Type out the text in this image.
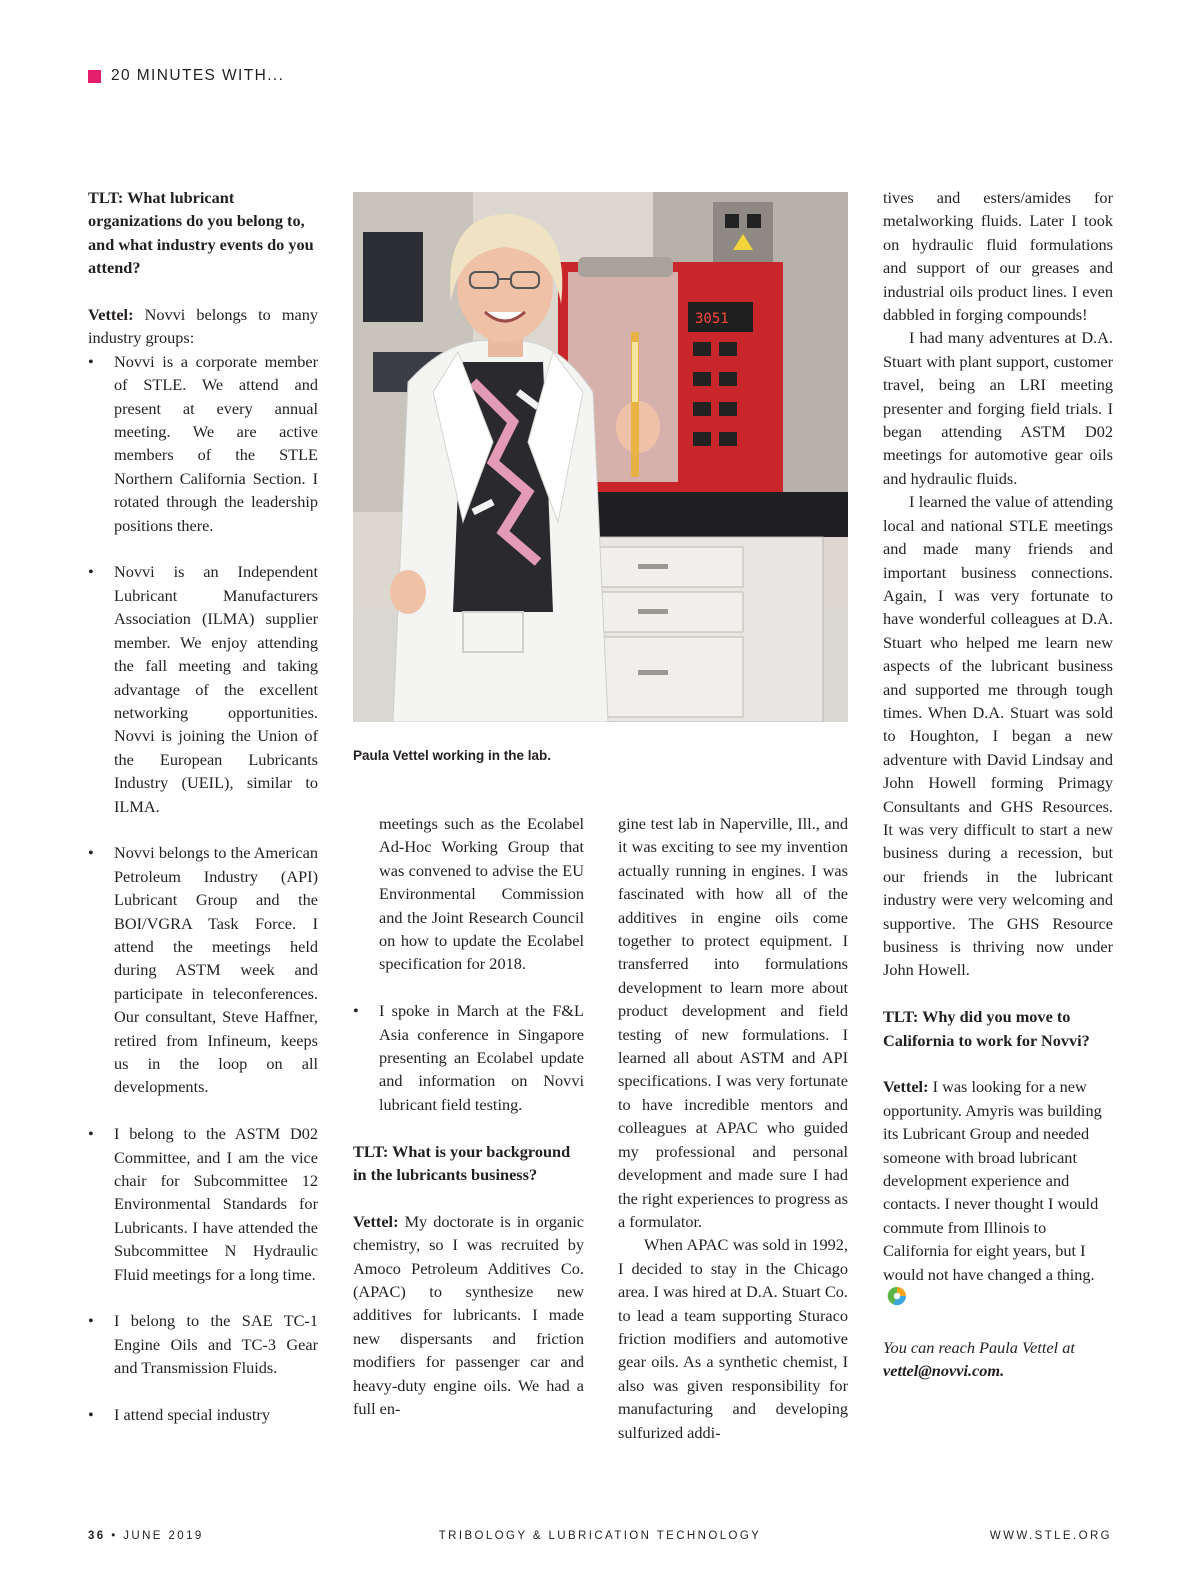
20 MINUTES WITH...

TLT: What lubricant organizations do you belong to, and what industry events do you attend?

Vettel: Novvi belongs to many industry groups:

• Novvi is a corporate member of STLE. We attend and present at every annual meeting. We are active members of the STLE Northern California Section. I rotated through the leadership positions there.
• Novvi is an Independent Lubricant Manufacturers Association (ILMA) supplier member. We enjoy attending the fall meeting and taking advantage of the excellent networking opportunities. Novvi is joining the Union of the European Lubricants Industry (UEIL), similar to ILMA.
• Novvi belongs to the American Petroleum Industry (API) Lubricant Group and the BOI/VGRA Task Force. I attend the meetings held during ASTM week and participate in teleconferences. Our consultant, Steve Haffner, retired from Infineum, keeps us in the loop on all developments.
• I belong to the ASTM D02 Committee, and I am the vice chair for Subcommittee 12 Environmental Standards for Lubricants. I have attended the Subcommittee N Hydraulic Fluid meetings for a long time.
• I belong to the SAE TC-1 Engine Oils and TC-3 Gear and Transmission Fluids.
• I attend special industry
3051
Paula Vettel working in the lab.
meetings such as the Ecolabel Ad-Hoc Working Group that was convened to advise the EU Environmental Commission and the Joint Research Council on how to update the Ecolabel specification for 2018.
• I spoke in March at the F&L Asia conference in Singapore presenting an Ecolabel update and information on Novvi lubricant field testing.

TLT: What is your background in the lubricants business?

Vettel: My doctorate is in organic chemistry, so I was recruited by Amoco Petroleum Additives Co. (APAC) to synthesize new additives for lubricants. I made new dispersants and friction modifiers for passenger car and heavy-duty engine oils. We had a full en-

gine test lab in Naperville, Ill., and it was exciting to see my invention actually running in engines. I was fascinated with how all of the additives in engine oils come together to protect equipment. I transferred into formulations development to learn more about product development and field testing of new formulations. I learned all about ASTM and API specifications. I was very fortunate to have incredible mentors and colleagues at APAC who guided my professional and personal development and made sure I had the right experiences to progress as a formulator.

When APAC was sold in 1992, I decided to stay in the Chicago area. I was hired at D.A. Stuart Co. to lead a team supporting Sturaco friction modifiers and automotive gear oils. As a synthetic chemist, I also was given responsibility for manufacturing and developing sulfurized addi-

tives and esters/amides for metalworking fluids. Later I took on hydraulic fluid formulations and support of our greases and industrial oils product lines. I even dabbled in forging compounds!

I had many adventures at D.A. Stuart with plant support, customer travel, being an LRI meeting presenter and forging field trials. I began attending ASTM D02 meetings for automotive gear oils and hydraulic fluids.

I learned the value of attending local and national STLE meetings and made many friends and important business connections. Again, I was very fortunate to have wonderful colleagues at D.A. Stuart who helped me learn new aspects of the lubricant business and supported me through tough times. When D.A. Stuart was sold to Houghton, I began a new adventure with David Lindsay and John Howell forming Primagy Consultants and GHS Resources. It was very difficult to start a new business during a recession, but our friends in the lubricant industry were very welcoming and supportive. The GHS Resource business is thriving now under John Howell.

TLT: Why did you move to California to work for Novvi?

Vettel: I was looking for a new opportunity. Amyris was building its Lubricant Group and needed someone with broad lubricant development experience and contacts. I never thought I would commute from Illinois to California for eight years, but I would not have changed a thing.

You can reach Paula Vettel at vettel@novvi.com.

36 • JUNE 2019	TRIBOLOGY & LUBRICATION TECHNOLOGY	WWW.STLE.ORG
